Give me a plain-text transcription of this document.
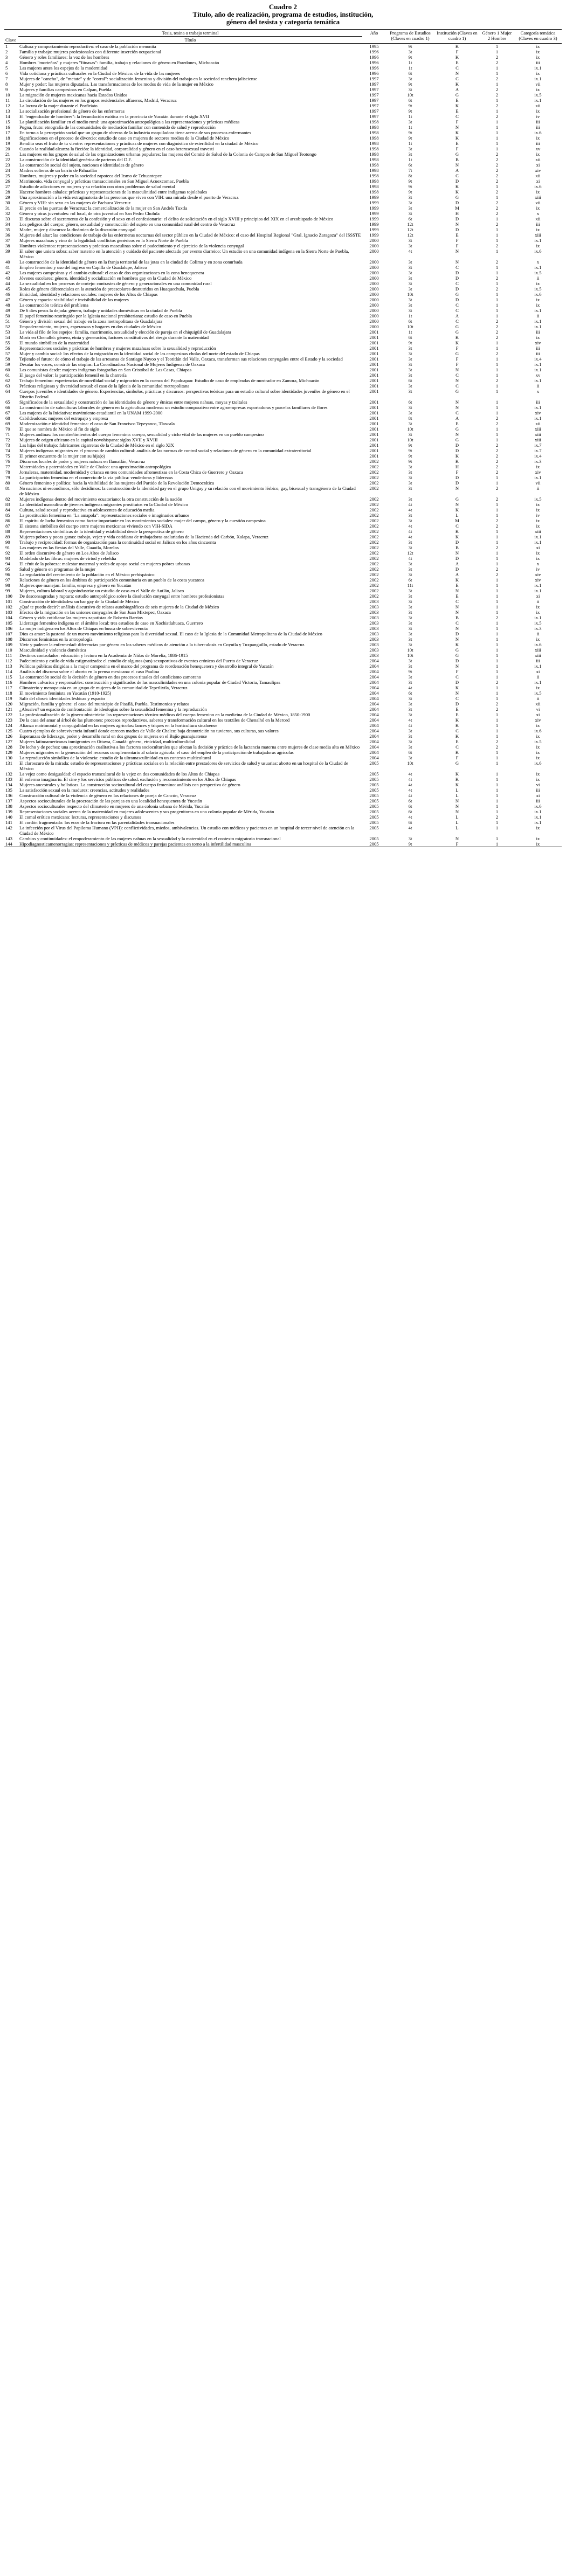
Cuadro 2
Título, año de realización, programa de estudios, institución,
género del tesista y categoría temática
Clave	Tesis, tesina o trabajo terminal	Año	Programa de Estudios (Claves en cuadro 1)	Institución (Claves en cuadro 1)	Género 1 Mujer 2 Hombre	Categoría temática (Claves en cuadro 3)
	Título					
1	Cultura y comportamiento reproductivo: el caso de la población menonita	1995	9t	K	1	ix
2	Familia y trabajo: mujeres profesionales con diferente inserción ocupacional	1996	3t	F	1	ix
3	Género y roles familiares: la voz de los hombres	1996	9t	K	2	ix
4	Hombres "morteños" y mujeres "fitnasas": familia, trabajo y relaciones de género en Paredones, Michoacán	1996	1t	E	2	iii
5	Las mujeres antes los espejos de la modernidad	1996	1t	C	1	ix.1
6	Vida cotidiana y prácticas culturales en la Ciudad de México: de la vida de las mujeres	1996	6t	N	1	ix
7	Mujeres de "cancho", de "metate" y de "corral": socialización femenina y división del trabajo en la sociedad ranchera jalisciense	1997	3t	C	2	ix.1
8	Mujer y poder: las mujeres diputadas. Las transformaciones de los modos de vida de la mujer en México	1997	9t	K	1	vii
9	Mujeres y familias campesinas en Calpan, Puebla	1997	3t	A	2	ix
10	La migración de mujeres mexicanas hacia Estados Unidos	1997	10t	G	2	ix.5
11	La circulación de las mujeres en los grupos residenciales alfareros, Madrid, Veracruz	1997	6t	E	1	ix.1
12	La locura de la mujer durante el Porfiriato	1997	9t	K	2	xii
13	La socialización profesional de género de las enfermeras	1997	9t	E	1	ix
14	El "engendrador de hombres": la fecundación exótica en la provincia de Yucatán durante el siglo XVII	1997	1t	C	2	iv
15	La planificación familiar en el medio rural: una aproximación antropológica a las representaciones y prácticas médicas	1998	3t	F	1	iii
16	Pugna, fruto: etnografía de las comunidades de mediación familiar con contenido de salud y reproducción	1998	1t	N	1	iii
17	En torno a la percepción social que un grupo de obreras de la industria maquiladora tiene acerca de sus procesos enfermantes	1998	9t	K	1	ix.6
18	Significaciones en el proceso de divorcio: estudio de caso en mujeres de sectores medios de la Ciudad de México	1998	9t	K	1	ix
19	Bendito seas el fruto de tu vientre: representaciones y prácticas de mujeres con diagnóstico de esterilidad en la ciudad de México	1998	1t	E	1	iii
20	Cuando la realidad alcanza la ficción: la identidad, corporalidad y género en el caso heterosexual travesti	1998	3t	F	1	xv
21	Las mujeres en los grupos de salud de las organizaciones urbanas populares: las mujeres del Comité de Salud de la Colonia de Campos de San Miguel Teotongo	1998	3t	G	2	ix
22	La construcción de la identidad genérica de parteros del D.F.	1998	1t	B	2	xii
23	La construcción social del sujeto, nociones e identidades de género	1998	6t	N	2	xi
24	Madres solteras de un barrio de Pahuatlán	1998	7t	A	2	xiv
25	Hombres, mujeres y poder en la sociedad zapoteca del Itsmo de Tehuantepec	1998	8t	C	2	xii
26	Matrimonio, vida conyugal y prácticas transaccionales en San Miguel Acuexcomac, Puebla	1998	9t	D	2	xi
27	Estudio de adicciones en mujeres y su relación con otros problemas de salud mental	1998	9t	K	1	ix.6
28	Hacerse hombres cabales: prácticas y representaciones de la masculinidad entre indígenas tojolabales	1998	9t	K	2	ix
29	Una aproximación a la vida extraginatoria de las personas que viven con VIH: una mirada desde el puerto de Veracruz	1999	3t	G	1	xiii
30	Género y VIH: sin sexo en las mujeres de Pachuca Veracruz	1999	3t	D	2	vii
31	El precio en las puertas de Veracruz: la comercialización de la mujer en San Andrés Tuxtla	1999	3t	M	2	ix
32	Género y otras juventudes: rol local, de otra juventud en San Pedro Cholula	1999	3t	H	2	x
33	El discurso sobre el sacramento de la confesión y el sexo en el confesionario: el delito de solicitación en el siglo XVIII y principios del XIX en el arzobispado de México	1999	6t	D	1	xii
34	Los peligros del cuerpo: género, sexualidad y construcción del sujeto en una comunidad rural del centro de Veracruz	1999	12t	N	2	iii
35	Madre, mujer y discurso: la dinámica de la discusión conyugal	1999	12t	D	1	ix
36	Mujeres del altar: las condiciones de trabajo de las enfermeras nocturnas del sector público en la Ciudad de México: el caso del Hospital Regional "Gral. Ignacio Zaragoza" del ISSSTE	1999	12t	E	1	xiii
37	Mujeres mazahuas y vino de la legalidad: conflictos genéricos en la Sierra Norte de Puebla	2000	3t	F	1	ix.1
38	Hombres violentos: representaciones y prácticas masculinas sobre el padecimiento y el ejercicio de la violencia conyugal	2000	3t	F	2	ix
39	El saber que uniera sobra: saber materno en la atención y cuidado del paciente afectado por evento diarreico: Un estudio en una comunidad indígena en la Sierra Norte de Puebla, México	2000	4t	N	1	ix.6
40	La construcción de la identidad de género en la franja territorial de las jotas en la ciudad de Colima y en zona conurbada	2000	3t	N	2	x
41	Empleo femenino y uso del ingreso en Capilla de Guadalupe, Jalisco	2000	3t	C	1	ix.1
42	Las mujeres campesinas y el cambio cultural: el caso de dos organizaciones en la zona henequenera	2000	3t	D	1	ix.5
43	Jóvenes escolares: género, identidad y socialización en hombres gay en la Ciudad de México	2000	3t	D	2	ii
44	La sexualidad en los procesos de cortejo: contrastes de género y generacionales en una comunidad rural	2000	3t	C	1	ix
45	Roles de género diferenciales en la atención de preescolares desnutridos en Huaquechula, Puebla	2000	3t	D	2	ix.5
46	Etnicidad, identidad y relaciones sociales: mujeres de los Altos de Chiapas	2000	10t	G	1	ix.6
47	Género y espacio: visibilidad e invisibilidad de las mujeres	2000	3t	D	1	ix
48	La construcción teórica del problema	2000	3t	C	1	ix
49	De 6 dies pesos la dejada: género, trabajo y unidades domésticas en la ciudad de Puebla	2000	3t	C	1	ix.1
50	El papel femenino restringido por la Iglesia nacional presbiteriana: estudio de caso en Puebla	2000	1t	A	1	ii
51	Género y división sexual del trabajo en la zona metropolitana de Guadalajara	2000	6t	C	2	ix.1
52	Empoderamiento, mujeres, esperanzas y hogares en dos ciudades de México	2000	10t	G	2	ix.1
53	La vida al filo de los espejos: familia, matrimonio, sexualidad y elección de pareja en el chiquigüil de Guadalajara	2001	1t	G	2	iii
54	Morir en Chenalhó: género, etnia y generación, factores constitutivos del riesgo durante la maternidad	2001	6t	K	2	ix
55	El mundo simbólico de la maternidad	2001	9t	K	1	xiv
56	Representaciones sociales y prácticas de hombres y mujeres mazahuas sobre la sexualidad y reproducción	2001	3t	F	1	iii
57	Mujer y cambio social: los efectos de la migración en la identidad social de las campesinas cholas del norte del estado de Chiapas	2001	3t	G	2	iii
58	Tejiendo el futuro: de cómo el trabajo de las artesanas de Santiago Nuyoo y el Teotitlán del Valle, Oaxaca, transforman sus relaciones conyugales entre el Estado y la sociedad	2001	3t	F	1	ix.4
59	Desatar los voces, construir las utopías: La Coordinadora Nacional de Mujeres Indígenas de Oaxaca	2001	3t	F	1	ix.1
60	Las comunistas desde: mujeres indígenas fotografías en San Cristóbal de Las Casas, Chiapas	2001	3t	N	1	ix.1
61	El juego del valor: la participación femenil en la charrería	2001	3t	C	1	xv
62	Trabajo femenino: experiencias de movilidad social y migración en la cuenca del Papaloapan: Estudio de caso de empleadas de mostrador en Zamora, Michoacán	2001	6t	N	2	ix.1
63	Prácticas religiosas y diversidad sexual: el caso de la Iglesia de la comunidad metropolitana	2001	3t	C	1	ii
64	Cuerpos juveniles e identidades de género. Experiencias, símbolos, prácticas y discursos: perspectivas teóricas para un estudio cultural sobre identidades juveniles de género en el Distrito Federal	2001	3t	G	1	x
65	Significados de la sexualidad y construcción de las identidades de género y étnicas entre mujeres nahuas, moyas y tzeltales	2001	6t	N	1	iii
66	La construcción de subculturas laborales de género en la agricultura moderna: un estudio comparativo entre agroempresas exportadoras y parcelas familiares de flores	2001	3t	N	1	ix.1
67	Las mujeres de la Iniciativa: movimiento estudiantil en la UNAM 1999-2000	2001	3t	C	1	xiv
68	Cabildeadoras: mujeres del estropajo y empresa	2001	8t	A	2	ix.1
69	Modernización e identidad femenina: el caso de San Francisco Tepeyanco, Tlaxcala	2001	3t	E	2	xii
70	El que se nombra de México al fin de siglo	2001	10t	G	1	xiii
71	Mujeres andinas: los constreñimientos del cuerpo femenino: cuerpo, sexualidad y ciclo vital de las mujeres en un pueblo campesino	2001	3t	N	1	xiii
72	Mujeres de origen africano en la capital novohispana: siglos XVII y XVIII	2001	10t	G	1	xiii
73	Las hijas del trabajo: fabricantes cigarreras de la Ciudad de México en el siglo XIX	2001	9t	D	2	ix.7
74	Mujeres indígenas migrantes en el proceso de cambio cultural: análisis de las normas de control social y relaciones de género en la comunidad extraterritorial	2001	9t	D	2	ix.7
75	El primer encuentro de la mujer con su hija(o)	2001	9t	K	2	ix.4
76	Discursos locales de poder y mujeres nahuas en Ilamatlán, Veracruz	2002	9t	K	2	ix.3
77	Maternidades y paternidades en Valle de Chalco: una aproximación antropológica	2002	3t	H	2	ix
78	Jornaleras, maternidad, modernidad y crianza en tres comunidades afromestizas en la Costa Chica de Guerrero y Oaxaca	2002	3t	F	2	xiv
79	La participación femenina en el comercio de la vía pública: vendedoras y liderezas	2002	3t	D	1	ix.1
80	Género femenino y política: hacia la visibilidad de las mujeres del Partido de la Revolución Democrática	2002	3t	D	1	vii
81	No nacimos ni escondimos, sólo decidimos: la construcción de la identidad gay en el grupo Unigay y su relación con el movimiento lésbico, gay, bisexual y transgénero de la Ciudad de México	2002	3t	N	2	ii
82	Mujeres indígenas dentro del movimiento ecuatoriano: la otra construcción de la nación	2002	3t	G	2	ix.5
83	La identidad masculina de jóvenes indígenas migrantes prostitutos en la Ciudad de México	2002	4t	N	1	ix
84	Cultura, salud sexual y reproductiva en adolescentes de educación media	2002	4t	K	1	ix
85	La prostitución femenina en "La amapola": representaciones sociales e imaginarios urbanos	2002	3t	L	1	iv
86	El espíritu de lucha femenino como factor importante en los movimientos sociales: mujer del campo, género y la cuestión campesina	2002	3t	M	2	ix
87	El sistema simbólico del cuerpo entre mujeres mexicanas viviendo con VIH-SIDA	2002	4t	C	2	ix
88	Representaciones simbólicas de la identidad y estabilidad desde la perspectiva de género	2002	4t	K	1	xiii
89	Mujeres pobres y pocas ganas: trabajo, vejez y vida cotidiana de trabajadoras asalariadas de la Hacienda del Carbón, Xalapa, Veracruz	2002	4t	K	1	ix.1
90	Trabajo y reciprocidad: formas de organización para la continuidad social en Jalisco en los años cincuenta	2002	3t	D	1	ix.1
91	Las mujeres en las fiestas del Valle, Cuautla, Morelos	2002	3t	B	2	xi
92	El orden discursivo de género en Los Altos de Jalisco	2002	12t	N	1	ix
93	Modelado de las fibras: mujeres de virtud y rebeldía	2002	4t	D	1	ix
94	El cénit de la pobreza: malestar maternal y redes de apoyo social en mujeres pobres urbanas	2002	3t	A	1	x
95	Salud y género en programas de la mujer	2002	3t	D	2	iv
96	La regulación del crecimiento de la población en el México prehispánico	2002	3t	A	2	xiv
97	Relaciones de género en los ámbitos de participación comunitaria en un pueblo de la costa yucateca	2002	6t	K	1	xiv
98	Mujeres que manejan: familia, empresa y género en Yucatán	2002	11t	E	1	ix.1
99	Mujeres, cultura laboral y agroindustria: un estudio de caso en el Valle de Autlán, Jalisco	2002	3t	N	1	ix.1
100	De desconsagradas y ruptura: estudio antropológico sobre la disolución conyugal entre hombres profesionistas	2002	3t	E	1	xi
101	Construcción de identidades: un bar gay de la Ciudad de México	2003	3t	C	1	ii
102	¿Qué te puedo decir?: análisis discursivo de relatos autobiográficos de seis mujeres de la Ciudad de México	2003	3t	N	1	ix
103	Efectos de la migración en las uniones conyugales de San Juan Mixtepec, Oaxaca	2003	3t	N	1	ix
104	Género y vida cotidiana: las mujeres zapatistas de Roberto Barrios	2003	3t	B	2	ix.1
105	Liderazgo femenino indígena en el ámbito local: tres estudios de caso en Xochistlahuaca, Guerrero	2003	3t	C	1	ix.5
106	La mujer indígena en los Altos de Chiapas en busca de sobrevivencia	2003	3t	N	1	ix.3
107	Dios es amor: la pastoral de un nuevo movimiento religioso para la diversidad sexual. El caso de la Iglesia de la Comunidad Metropolitana de la Ciudad de México	2003	3t	D	1	ii
108	Discursos feministas en la antropología	2003	3t	N	1	ix
109	Vivir y padecer la enfermedad: diferencias por género en los saberes médicos de atención a la tuberculosis en Coyutla y Tuxpanguillo, estado de Veracruz	2003	3t	K	1	ix.6
110	Masculinidad y violencia doméstica	2003	10t	G	1	xiii
111	Destinos controlados: educación y lectura en la Academia de Niñas de Morelia, 1886-1915	2003	10t	G	1	xiii
112	Padecimiento y estilo de vida estigmatizado: el estudio de algunos (sus) sexoportivos de eventos crónicos del Puerto de Veracruz	2004	3t	D	1	iii
113	Políticas públicas dirigidas a la mujer campesina en el marco del programa de reordenación henequenera y desarrollo integral de Yucatán	2004	3t	N	1	ix.1
114	Análisis del discurso sobre el aborto en la prensa mexicana: el caso Paulina	2004	9t	F	1	xi
115	La construcción social de la decisión de género en dos procesos rituales del catolicismo zamorano	2004	3t	C	1	ii
116	Hombres calvarios y responsables: construcción y significados de las masculinidades en una colonia popular de Ciudad Victoria, Tamaulipas	2004	3t	D	2	ix.1
117	Climaterio y menopausia en un grupo de mujeres de la comunidad de Tepetlixtla, Veracruz	2004	4t	K	1	ix
118	El movimiento feminista en Yucatán (1910-1925)	2004	6t	N	1	ix.5
119	Salir del closet: identidades lésbicas y espacio	2004	3t	C	1	ii
120	Migración, familia y género: el caso del municipio de Pisaflá, Puebla. Testimonios y relatos	2004	3t	D	2	xii
121	¿Abusivo? un espacio de confrontación de ideologías sobre la sexualidad femenina y la reproducción	2004	3t	E	2	vi
122	La profesionalización de la gineco-obstetricia: las representaciones técnico-médicas del cuerpo femenino en la medicina de la Ciudad de México, 1850-1900	2004	3t	E	1	xi
123	De la casa del amar al árbol de las plumones: procesos reproductivos, saberes y transformación cultural en los tzotziles de Chenalhó en la Merced	2004	4t	K	1	xiv
124	Alianza matrimonial y conyugalidad en las mujeres agrícolas: lances y triques en la horticultura sinaloense	2004	4t	K	1	ix
125	Cuatro ejemplos de sobrevivencia infantil donde carecen madres de Valle de Chalco: baja desnutrición no tuvieron, sus culturas, sus valores	2004	3t	C	1	ix.6
126	Esperanzas de liderazgo, poder y desarrollo rural en dos grupos de mujeres en el Bajío guanajuatense	2004	3t	K	1	ix
127	Mujeres latinoamericanas inmigrantes en Ottawa, Canadá: género, etnicidad, multiculturalidad	2004	3t	E	2	ix.5
128	De lecho y de pechos: una aproximación cualitativa a los factores socioculturales que afectan la decisión y práctica de la lactancia materna entre mujeres de clase media alta en México	2004	3t	C	2	ix
129	Mujeres migrantes en la generación del recursos complementario al salario agrícola: el caso del empleo de la participación de trabajadoras agrícolas	2004	6t	K	1	ix
130	La reproducción simbólica de la violencia: estudio de la ultramasculinidad en un contexto multicultural	2004	3t	F	1	ix
131	El claroscuro de la mirada: estudio de representaciones y prácticas sociales en la relación entre prestadores de servicios de salud y usuarias: aborto en un hospital de la Ciudad de México	2005	10t	G	1	ix.6
132	La vejez como desigualdad: el espacio transcultural de la vejez en dos comunidades de los Altos de Chiapas	2005	4t	K	1	ix
133	El enfermo imaginario. El cine y los servicios públicos de salud: exclusión y reconocimiento en los Altos de Chiapas	2005	4t	K	1	ix
134	Mujeres ancestrales y holísticas. La construcción sociocultural del cuerpo femenino: análisis con perspectiva de género	2005	4t	K	1	vi
135	La satisfacción sexual en la madurez: creencias, actitudes y realidades	2005	4t	L	1	iii
136	Construcción cultural de la violencia de género en las relaciones de pareja de Cancún, Veracruz	2005	4t	L	1	xi
137	Aspectos socioculturales de la procreación de las parejas en una localidad henequenera de Yucatán	2005	6t	N	1	iii
138	Aspectos socioculturales respecto del climaterio en mujeres de una colonia urbana de Mérida, Yucatán	2005	6t	N	1	ix.6
139	Representaciones sociales acerca de la maternidad en mujeres adolescentes y sus progenitoras en una colonia popular de Mérida, Yucatán	2005	6t	N	1	ix.1
140	El comal erótico mexicano: lecturas, representaciones y discursos	2005	4t	L	2	ix.1
141	El cordón fragmentado: los ecos de la fractura en las parentalidades transnacionales	2005	6t	L	1	ix.1
142	La infección por el Virus del Papiloma Humano (VPH): conflictividades, miedos, ambivalencias. Un estudio con médicos y pacientes en un hospital de tercer nivel de atención en la Ciudad de México	2005	4t	L	1	ix
143	Cambios y continuidades: el empoderamiento de las mujeres nahuas en la sexualidad y la maternidad en el contexto migratorio transnacional	2005	3t	N	1	ix
144	Hipodiagnosticamenorragias: representaciones y prácticas de médicos y parejas pacientes en torno a la infertilidad masculina	2005	9t	F	1	ix
